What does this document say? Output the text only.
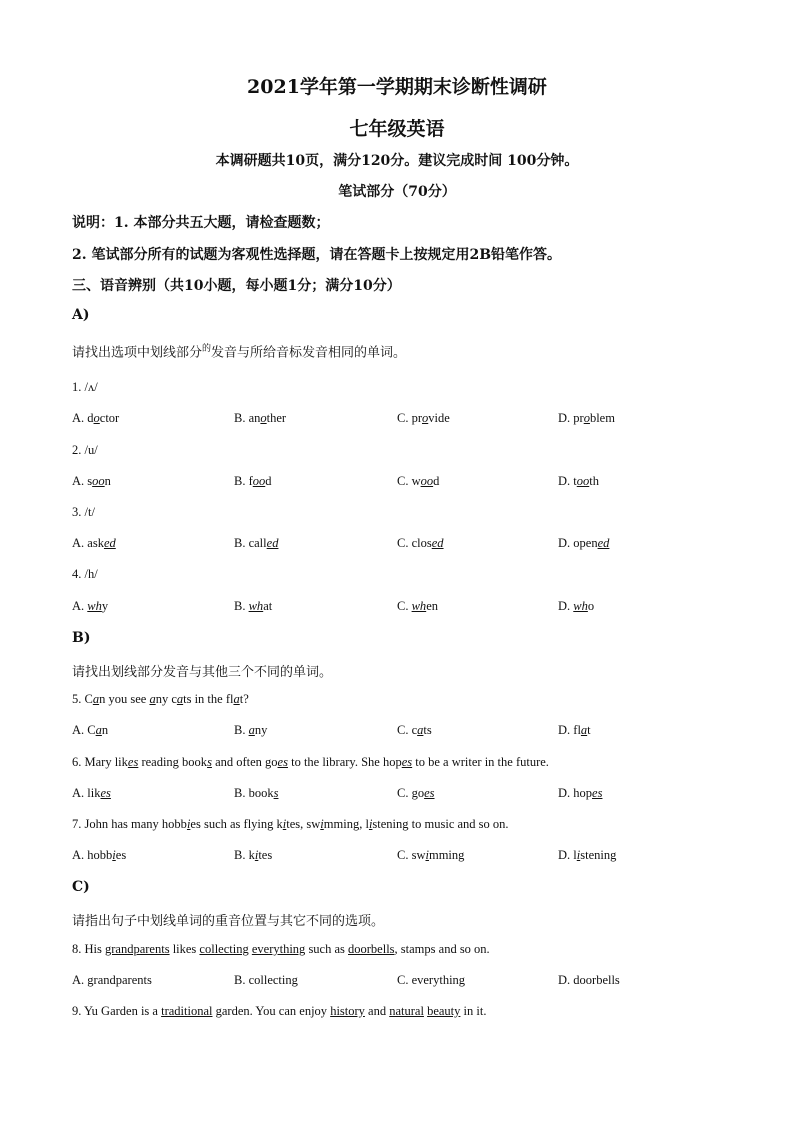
2021学年第一学期期末诊断性调研
七年级英语
本调研题共10页，满分120分。建议完成时间 100分钟。
笔试部分（70分）
说明：1. 本部分共五大题，请检查题数；
2. 笔试部分所有的试题为客观性选择题，请在答题卡上按规定用2B铅笔作答。
三、语音辨别（共10小题，每小题1分；满分10分）
A)
请找出选项中划线部分$^的$发音与所给音标发音相同的单词。
1. /ʌ/
A. doctor	B. another	C. provide	D. problem
2. /u/
A. soon	B. food	C. wood	D. tooth
3. /t/
A. asked	B. called	C. closed	D. opened
4. /h/
A. why	B. what	C. when	D. who
B)
请找出划线部分发音与其他三个不同的单词。
5. Can you see any cats in the flat?
A. Can	B. any	C. cats	D. flat
6. Mary likes reading books and often goes to the library. She hopes to be a writer in the future.
A. likes	B. books	C. goes	D. hopes
7. John has many hobbies such as flying kites, swimming, listening to music and so on.
A. hobbies	B. kites	C. swimming	D. listening
C)
请指出句子中划线单词的重音位置与其它不同的选项。
8. His grandparents likes collecting everything such as doorbells, stamps and so on.
A. grandparents	B. collecting	C. everything	D. doorbells
9. Yu Garden is a traditional garden. You can enjoy history and natural beauty in it.
